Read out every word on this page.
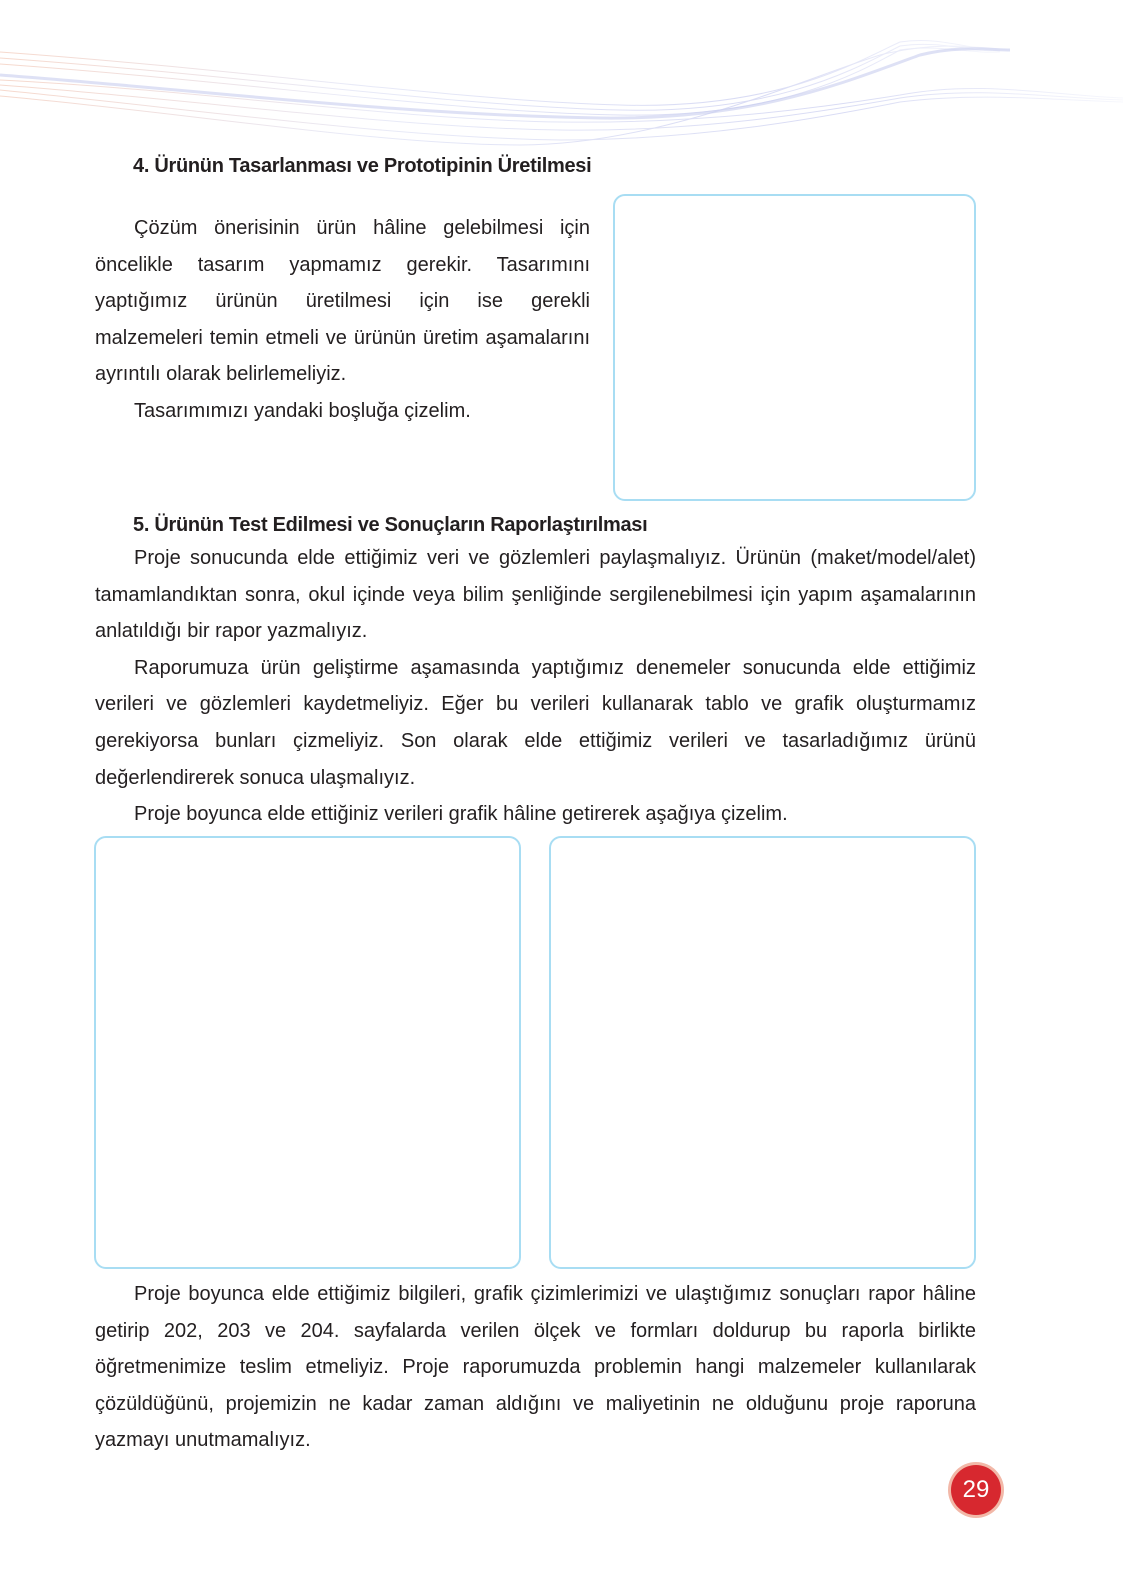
4. Ürünün Tasarlanması ve Prototipinin Üretilmesi

Çözüm önerisinin ürün hâline gelebilmesi için öncelikle tasarım yapmamız gerekir. Tasarımını yaptığımız ürünün üretilmesi için ise gerekli malzemeleri temin etmeli ve ürünün üretim aşamalarını ayrıntılı olarak belirlemeliyiz.

Tasarımımızı yandaki boşluğa çizelim.

5. Ürünün Test Edilmesi ve Sonuçların Raporlaştırılması

Proje sonucunda elde ettiğimiz veri ve gözlemleri paylaşmalıyız. Ürünün (maket/model/alet) tamamlandıktan sonra, okul içinde veya bilim şenliğinde sergilenebilmesi için yapım aşamalarının anlatıldığı bir rapor yazmalıyız.

Raporumuza ürün geliştirme aşamasında yaptığımız denemeler sonucunda elde ettiğimiz verileri ve gözlemleri kaydetmeliyiz. Eğer bu verileri kullanarak tablo ve grafik oluşturmamız gerekiyorsa bunları çizmeliyiz. Son olarak elde ettiğimiz verileri ve tasarladığımız ürünü değerlendirerek sonuca ulaşmalıyız.

Proje boyunca elde ettiğiniz verileri grafik hâline getirerek aşağıya çizelim.

Proje boyunca elde ettiğimiz bilgileri, grafik çizimlerimizi ve ulaştığımız sonuçları rapor hâline getirip 202, 203 ve 204. sayfalarda verilen ölçek ve formları doldurup bu raporla birlikte öğretmenimize teslim etmeliyiz. Proje raporumuzda problemin hangi malzemeler kullanılarak çözüldüğünü, projemizin ne kadar zaman aldığını ve maliyetinin ne olduğunu proje raporuna yazmayı unutmamalıyız.

29
